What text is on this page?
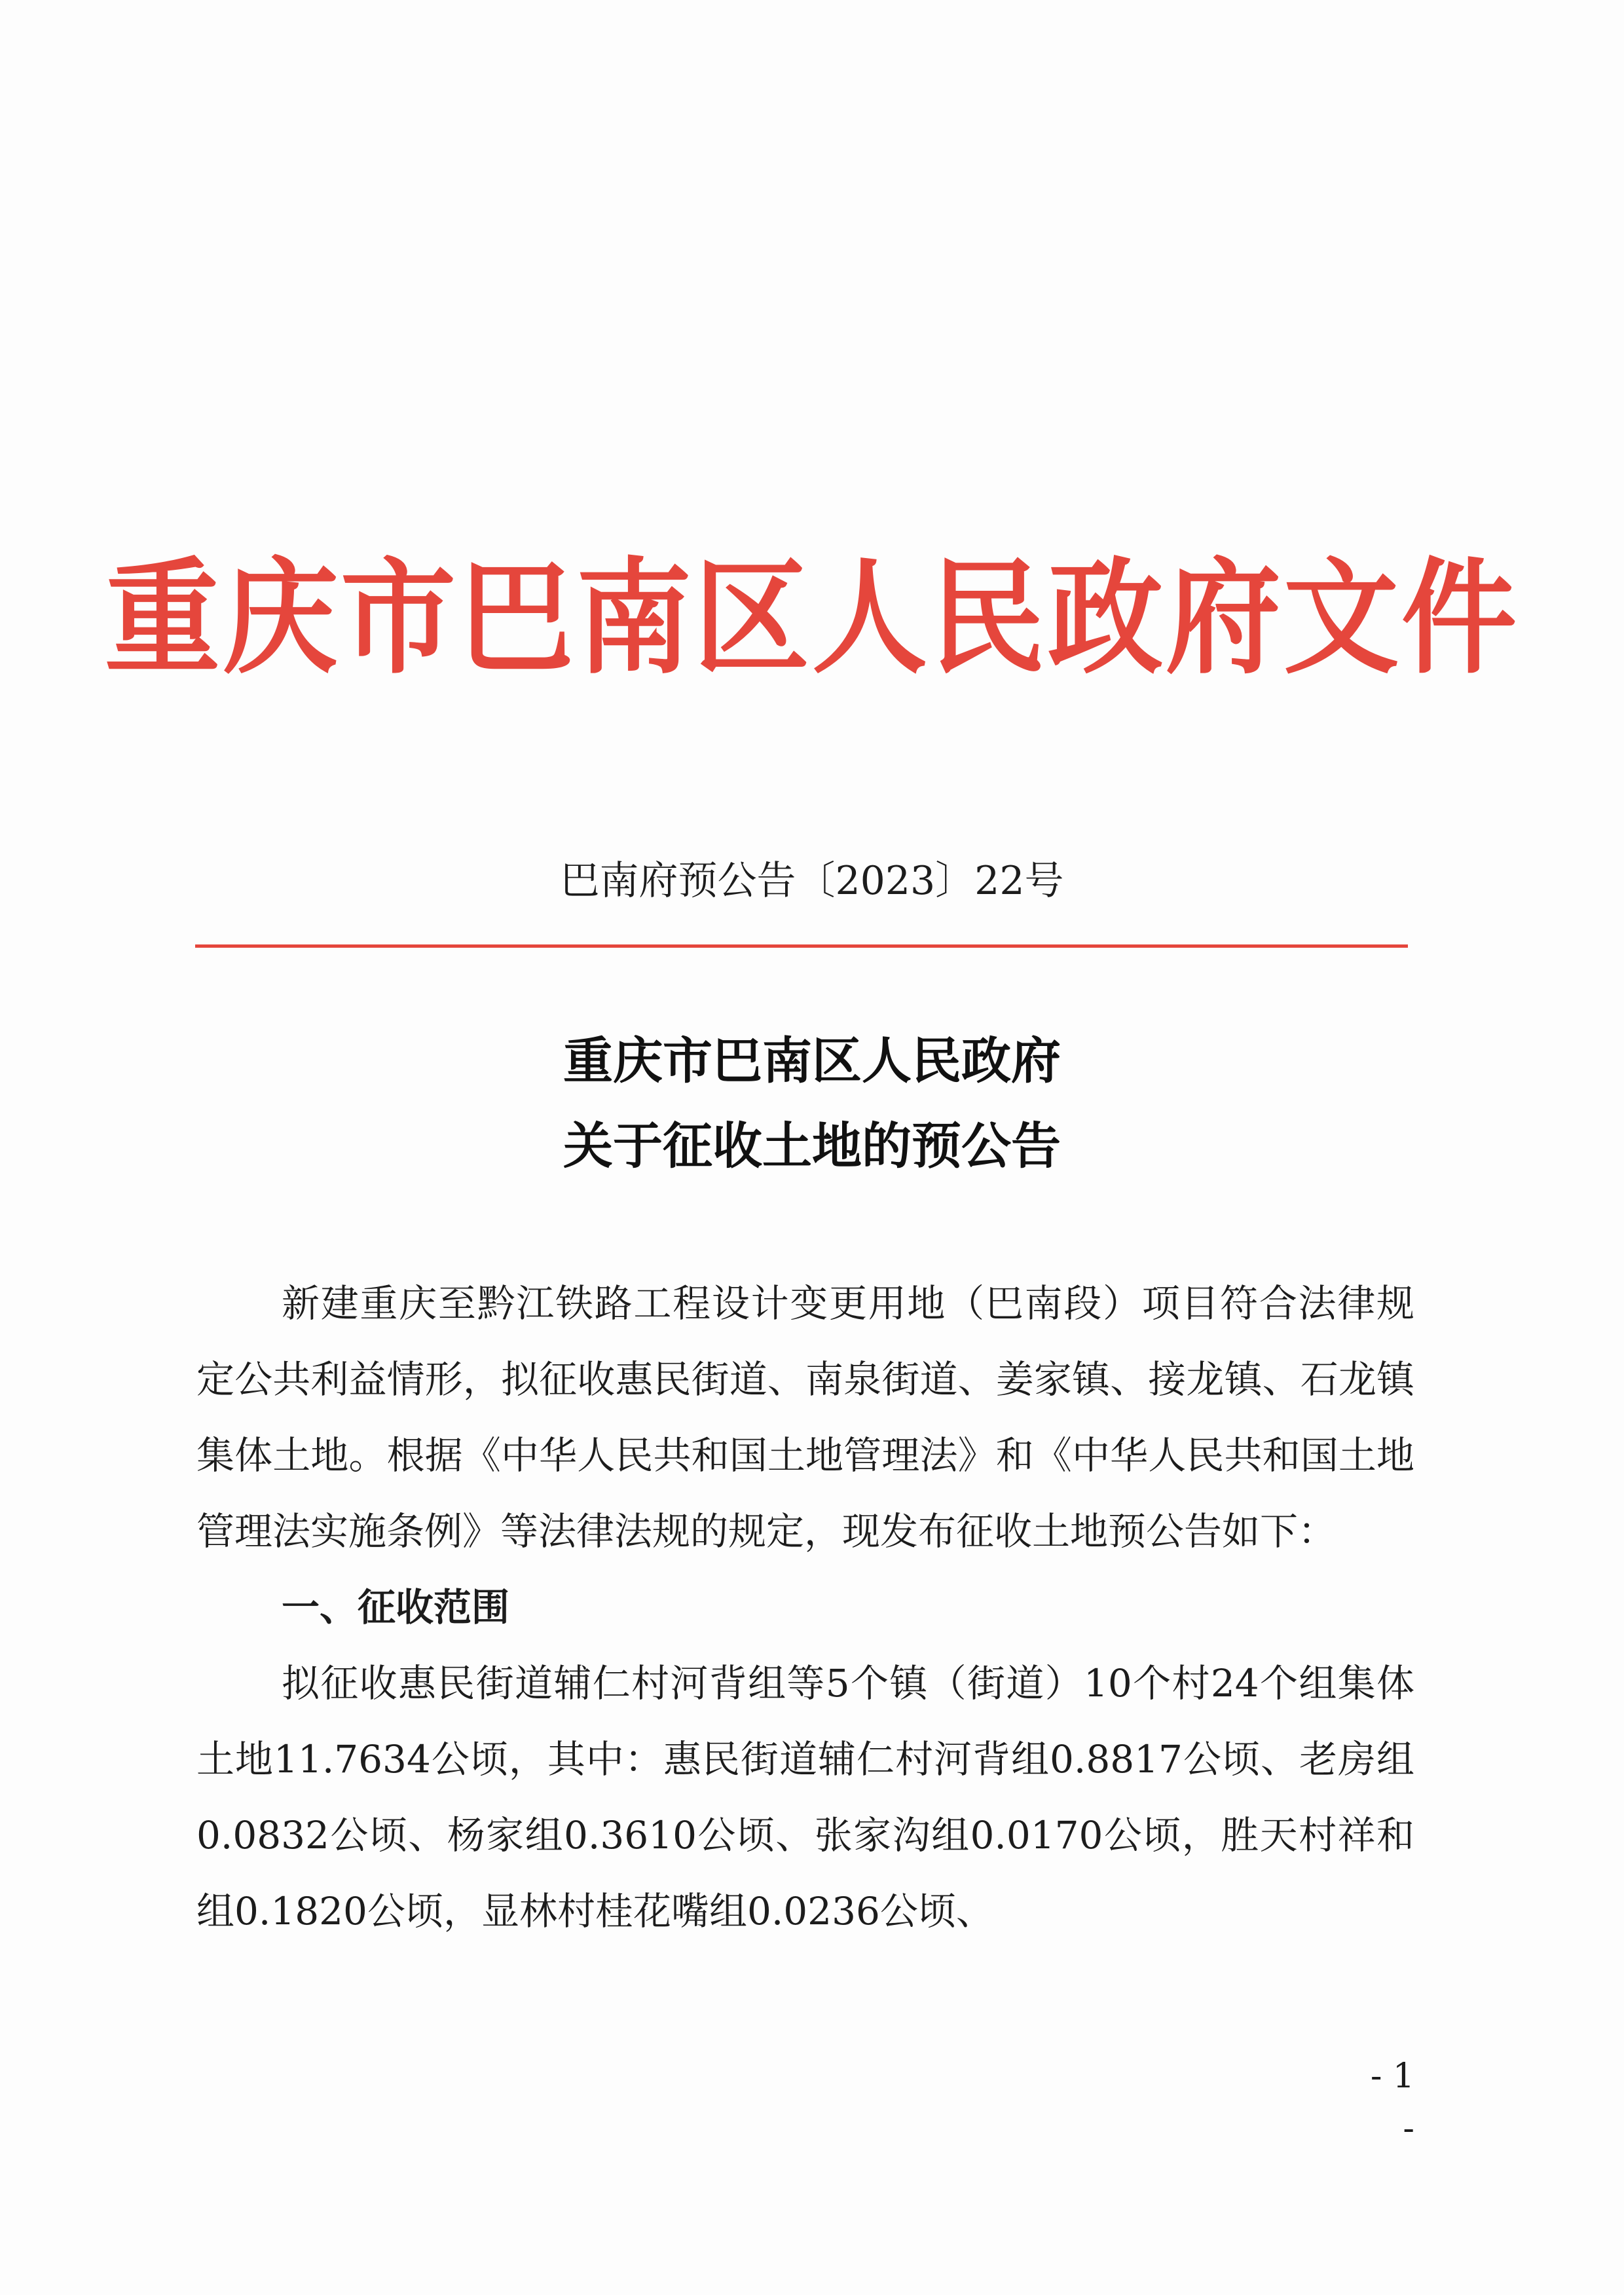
重庆市巴南区人民政府文件
巴南府预公告〔2023〕22号
重庆市巴南区人民政府
关于征收土地的预公告

新建重庆至黔江铁路工程设计变更用地（巴南段）项目符合法律规定公共利益情形，拟征收惠民街道、南泉街道、姜家镇、接龙镇、石龙镇集体土地。根据《中华人民共和国土地管理法》和《中华人民共和国土地管理法实施条例》等法律法规的规定，现发布征收土地预公告如下：

一、征收范围

拟征收惠民街道辅仁村河背组等5个镇（街道）10个村24个组集体土地11.7634公顷，其中：惠民街道辅仁村河背组0.8817公顷、老房组0.0832公顷、杨家组0.3610公顷、张家沟组0.0170公顷，胜天村祥和组0.1820公顷，显林村桂花嘴组0.0236公顷、

- 1 -
